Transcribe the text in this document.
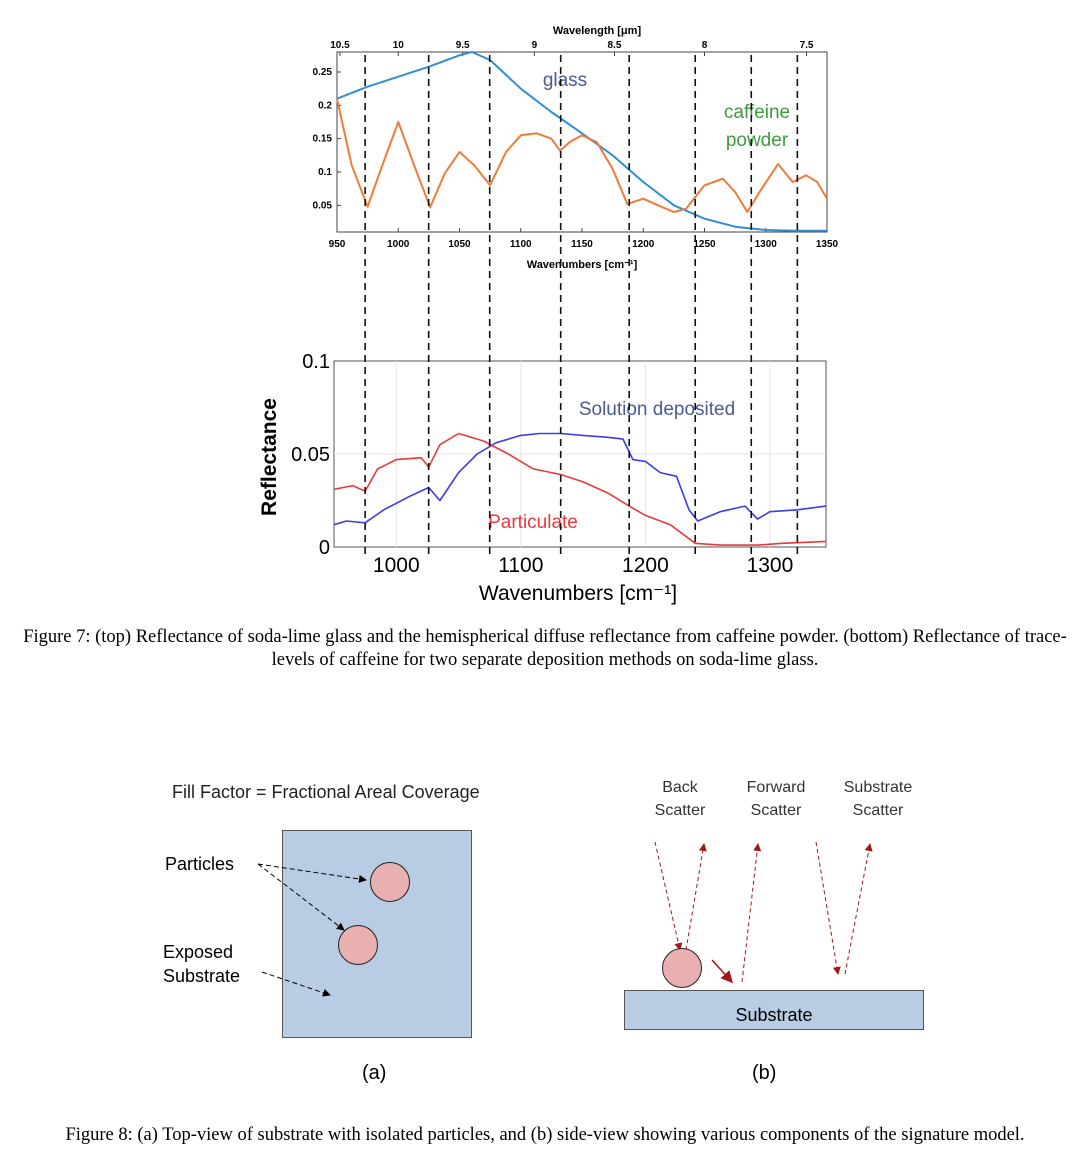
950	1000	1050	1100	1150	1200	1250	1300	1350
Wavenumbers [cm⁻¹]
0.25
0.2
0.15
0.1
0.05
10.5	10	9.5	9	8.5	8	7.5
Wavelength [μm]
glass
caffeine
powder
1000	1100	1200	1300
0.1
0.05
0
Wavenumbers [cm⁻¹]
Reflectance	Solution deposited
Particulate
Figure 7: (top) Reflectance of soda-lime glass and the hemispherical diffuse reflectance from caffeine powder. (bottom) Reflectance of trace-levels of caffeine for two separate deposition methods on soda-lime glass.
Fill Factor = Fractional Areal Coverage
Particles
Exposed
Substrate
(a)
Back
Scatter
Forward
Scatter
Substrate
Scatter
Substrate
(b)
Figure 8: (a) Top-view of substrate with isolated particles, and (b) side-view showing various components of the signature model.
